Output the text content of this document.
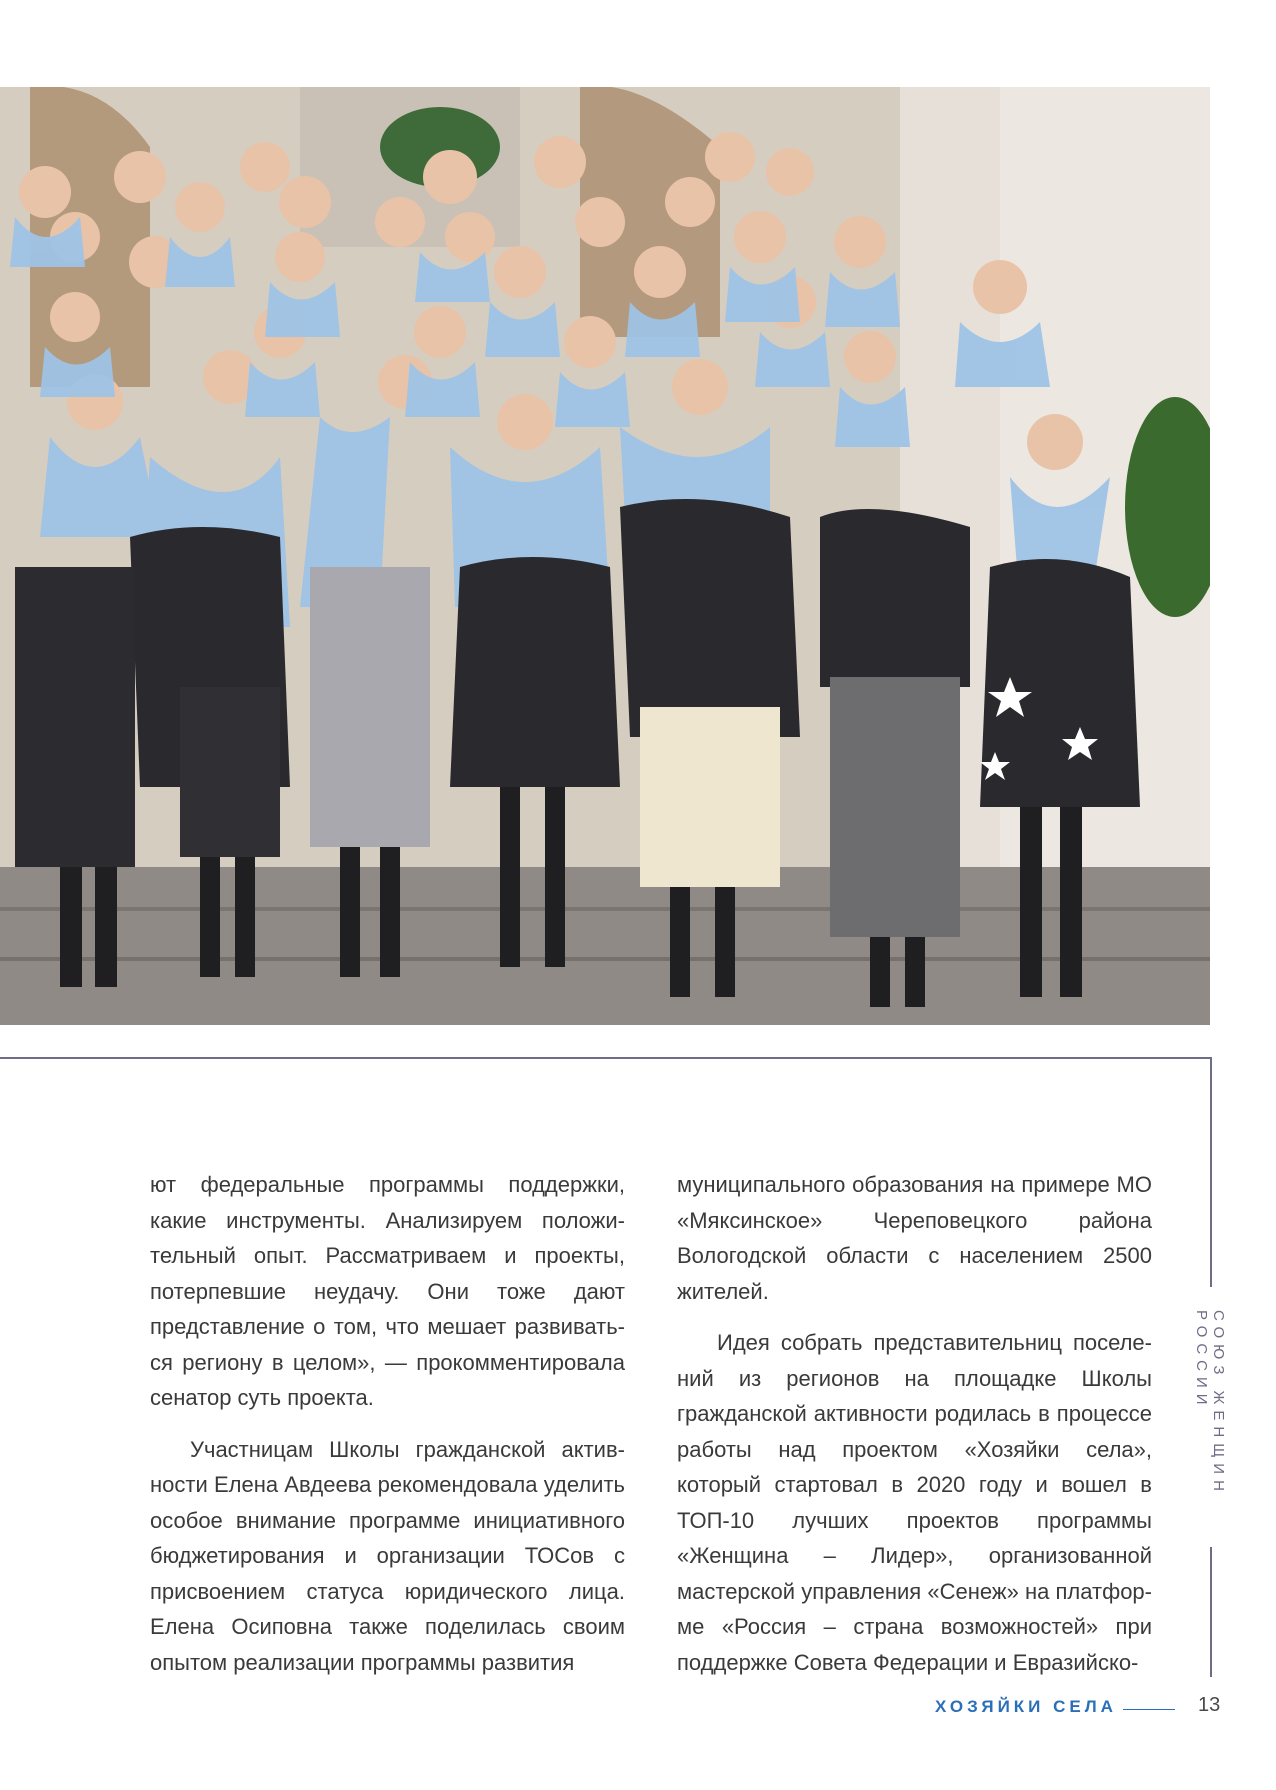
СОЮЗ ЖЕНЩИН РОССИИ

ют федеральные программы поддержки, какие инструменты. Анализируем положительный опыт. Рассматриваем и проекты, потерпевшие неудачу. Они тоже дают представление о том, что мешает развиваться региону в целом», — прокомментировала сенатор суть проекта.

Участницам Школы гражданской активности Елена Авдеева рекомендовала уделить особое внимание программе инициативного бюджетирования и организации ТОСов с присвоением статуса юридического лица. Елена Осиповна также поделилась своим опытом реализации программы развития

муниципального образования на примере МО «Мяксинское» Череповецкого района Вологодской области с населением 2500 жителей.

Идея собрать представительниц поселений из регионов на площадке Школы гражданской активности родилась в процессе работы над проектом «Хозяйки села», который стартовал в 2020 году и вошел в ТОП-10 лучших проектов программы «Женщина – Лидер», организованной мастерской управления «Сенеж» на платформе «Россия – страна возможностей» при поддержке Совета Федерации и Евразийско-

ХОЗЯЙКИ СЕЛА	13
